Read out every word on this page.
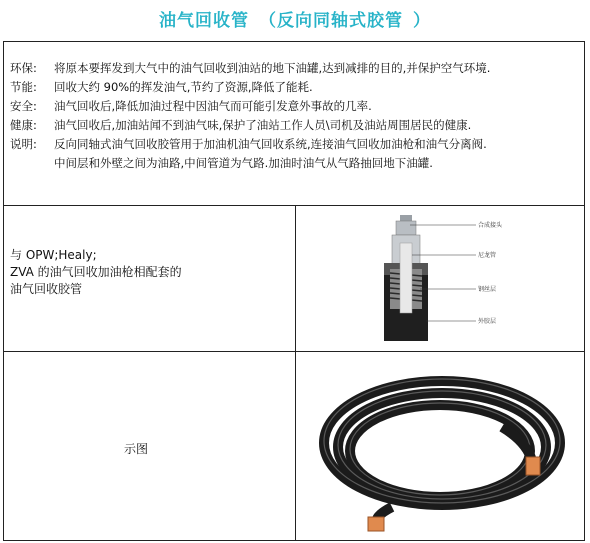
油气回收管 （反向同轴式胶管 ）
环保:	将原本要挥发到大气中的油气回收到油站的地下油罐,达到减排的目的,并保护空气环境.
节能:	回收大约 90%的挥发油气,节约了资源,降低了能耗.
安全:	油气回收后,降低加油过程中因油气而可能引发意外事故的几率.
健康:	油气回收后,加油站闻不到油气味,保护了油站工作人员\司机及油站周围居民的健康.
说明:	反向同轴式油气回收胶管用于加油机油气回收系统,连接油气回收加油枪和油气分离阀.
中间层和外壁之间为油路,中间管道为气路.加油时油气从气路抽回地下油罐.
与 OPW;Healy;
ZVA 的油气回收加油枪相配套的
油气回收胶管
合成接头
尼龙管
钢丝层
外胶层
示图
